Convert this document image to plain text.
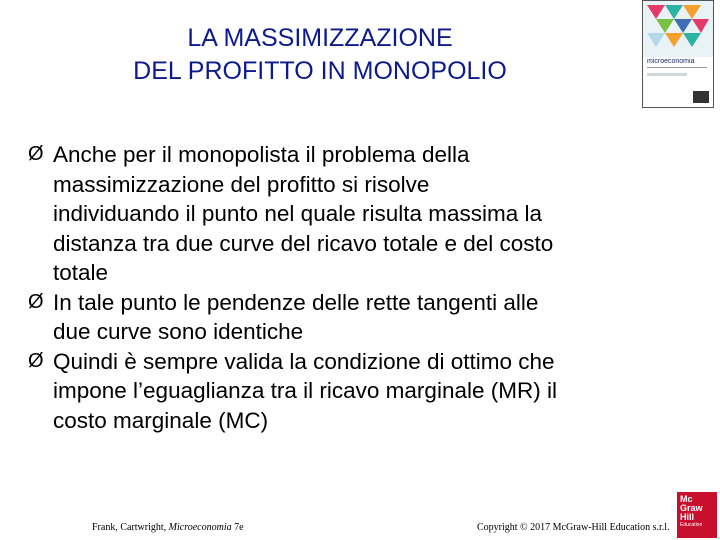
LA MASSIMIZZAZIONE
DEL PROFITTO IN MONOPOLIO	microeconomia
Ø Anche per il monopolista il problema della
massimizzazione del profitto si risolve
individuando il punto nel quale risulta massima la
distanza tra due curve del ricavo totale e del costo
totale
Ø In tale punto le pendenze delle rette tangenti alle
due curve sono identiche
Ø Quindi è sempre valida la condizione di ottimo che
impone l’eguaglianza tra il ricavo marginale (MR) il
costo marginale (MC)
Frank, Cartwright, Microeconomia 7e	Copyright © 2017 McGraw-Hill Education s.r.l.
Mc
Graw
Hill
Education
